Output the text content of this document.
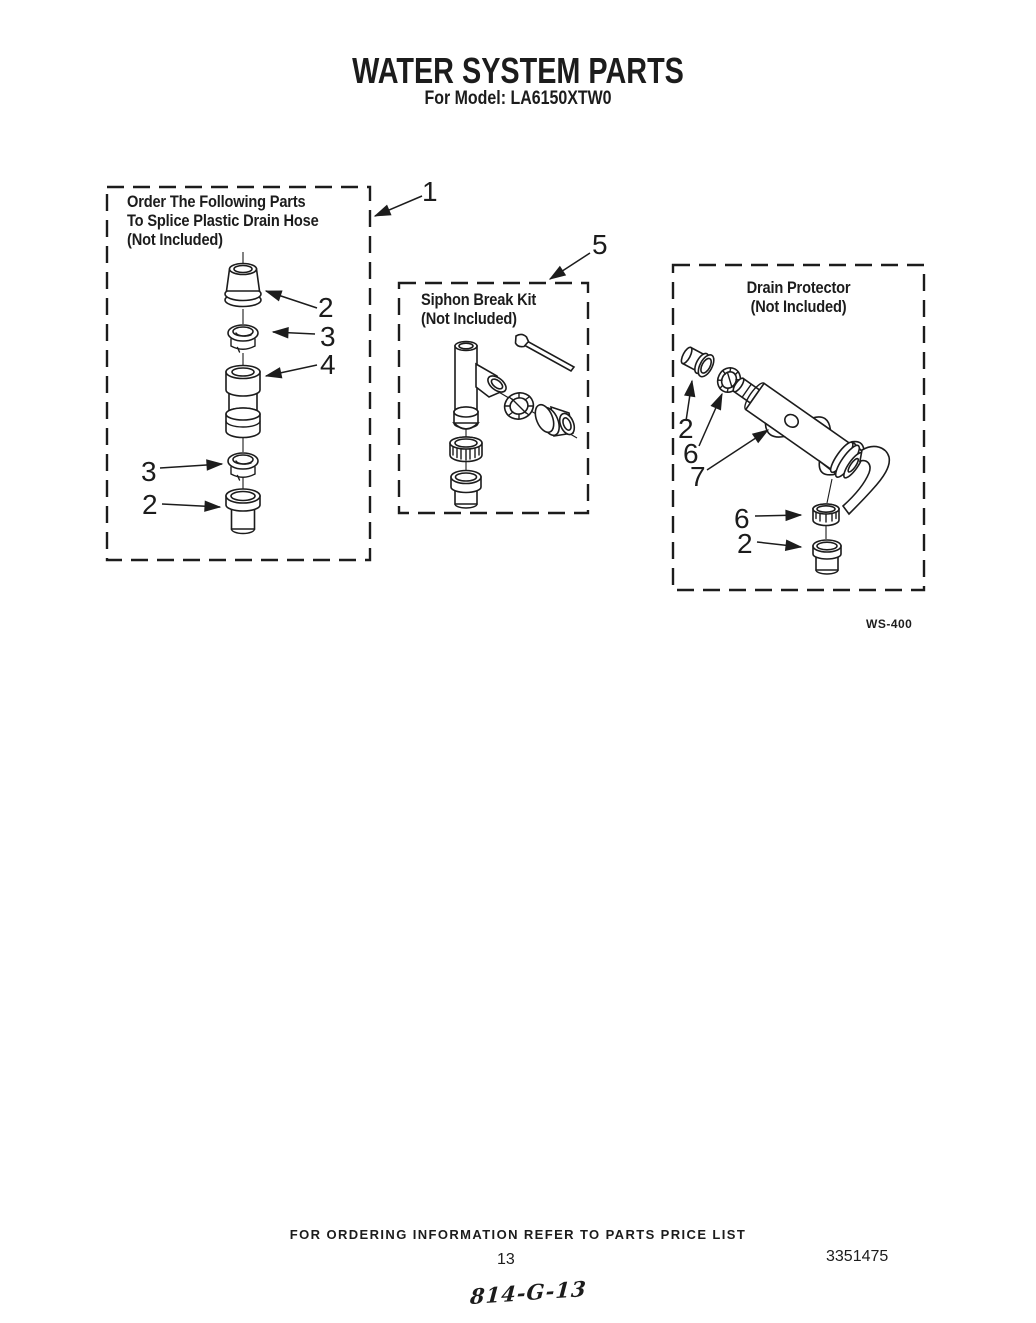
WATER SYSTEM PARTS
For Model: LA6150XTW0
Order The Following Parts
To Splice Plastic Drain Hose
(Not Included)
Siphon Break Kit
(Not Included)
Drain Protector
(Not Included)
1
5
2
3
4
3
2
2
6
7
6
2
WS-400
FOR ORDERING INFORMATION REFER TO PARTS PRICE LIST
13	3351475
814-G-13
